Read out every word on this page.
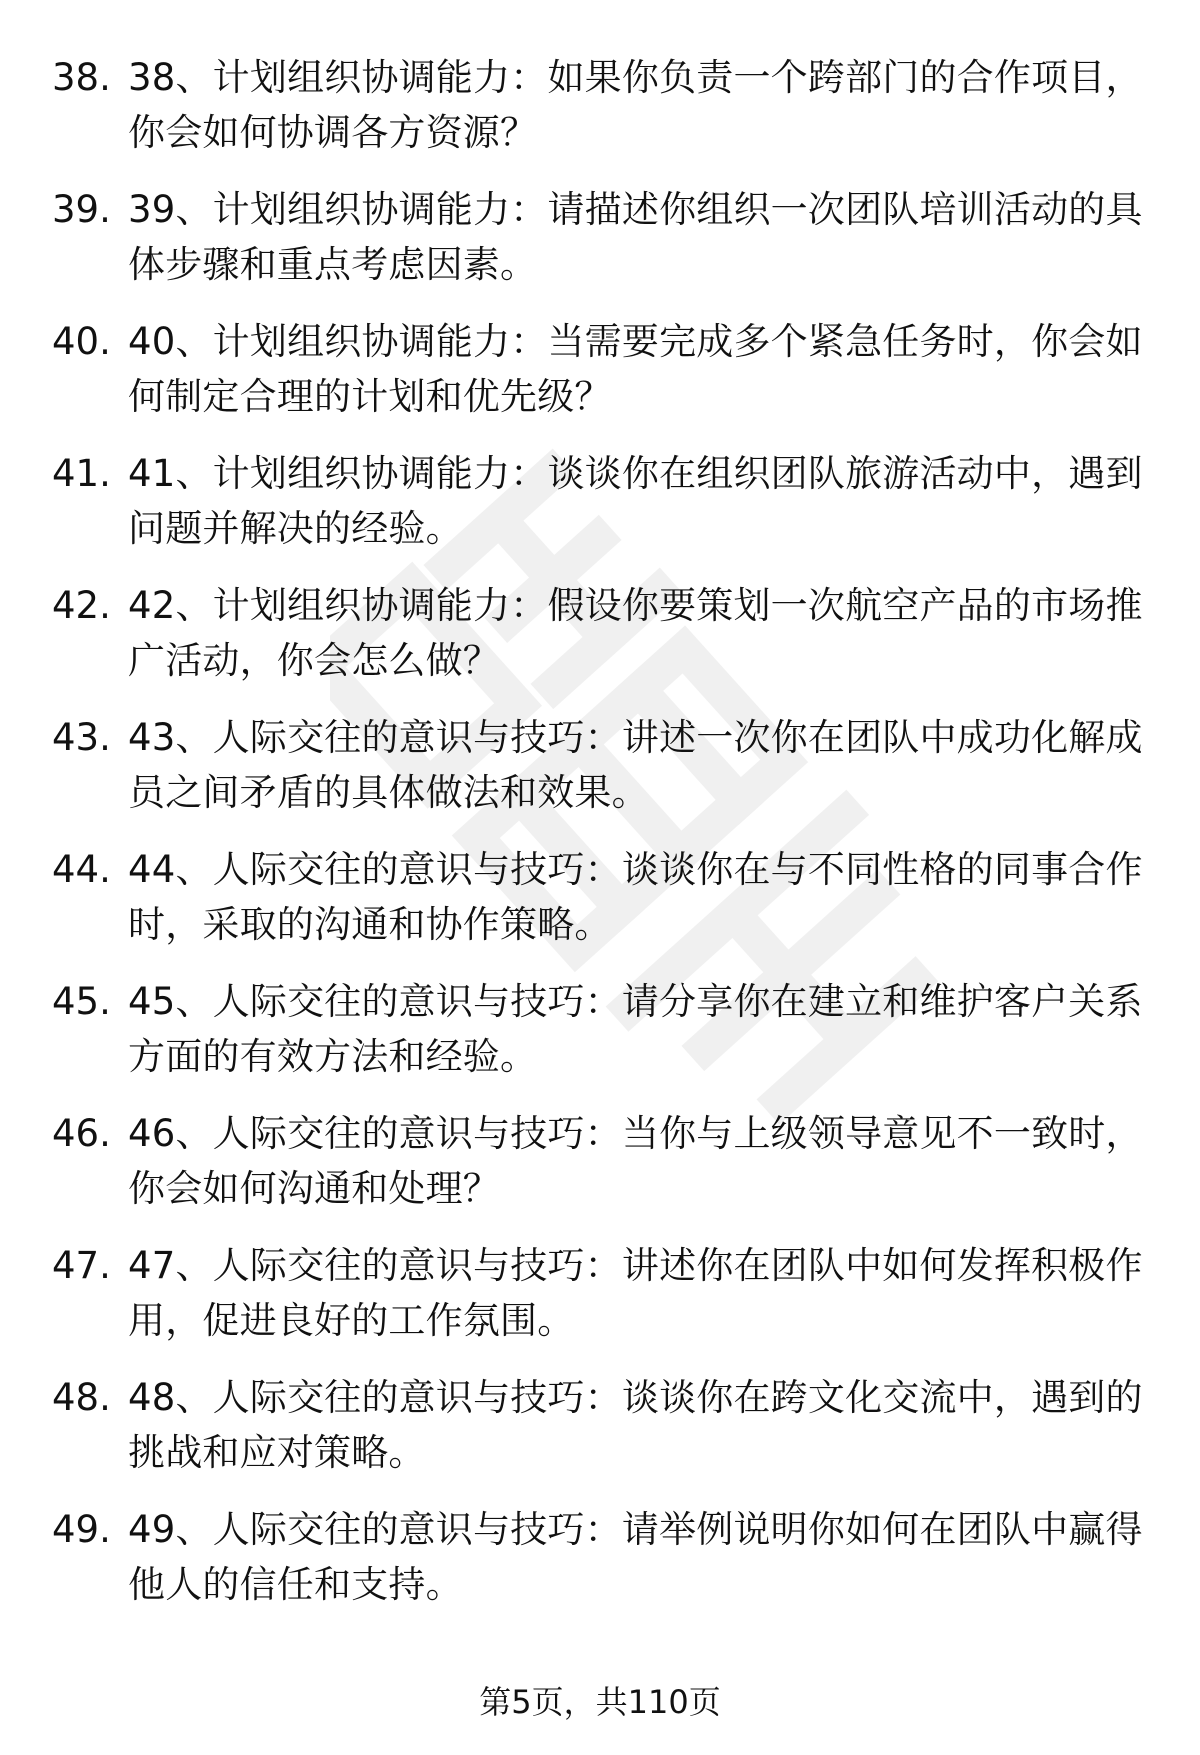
38. 38、计划组织协调能力：如果你负责一个跨部门的合作项目，你会如何协调各方资源？
39. 39、计划组织协调能力：请描述你组织一次团队培训活动的具体步骤和重点考虑因素。
40. 40、计划组织协调能力：当需要完成多个紧急任务时，你会如何制定合理的计划和优先级？
41. 41、计划组织协调能力：谈谈你在组织团队旅游活动中，遇到问题并解决的经验。
42. 42、计划组织协调能力：假设你要策划一次航空产品的市场推广活动，你会怎么做？
43. 43、人际交往的意识与技巧：讲述一次你在团队中成功化解成员之间矛盾的具体做法和效果。
44. 44、人际交往的意识与技巧：谈谈你在与不同性格的同事合作时，采取的沟通和协作策略。
45. 45、人际交往的意识与技巧：请分享你在建立和维护客户关系方面的有效方法和经验。
46. 46、人际交往的意识与技巧：当你与上级领导意见不一致时，你会如何沟通和处理？
47. 47、人际交往的意识与技巧：讲述你在团队中如何发挥积极作用，促进良好的工作氛围。
48. 48、人际交往的意识与技巧：谈谈你在跨文化交流中，遇到的挑战和应对策略。
49. 49、人际交往的意识与技巧：请举例说明你如何在团队中赢得他人的信任和支持。
第5页，共110页
